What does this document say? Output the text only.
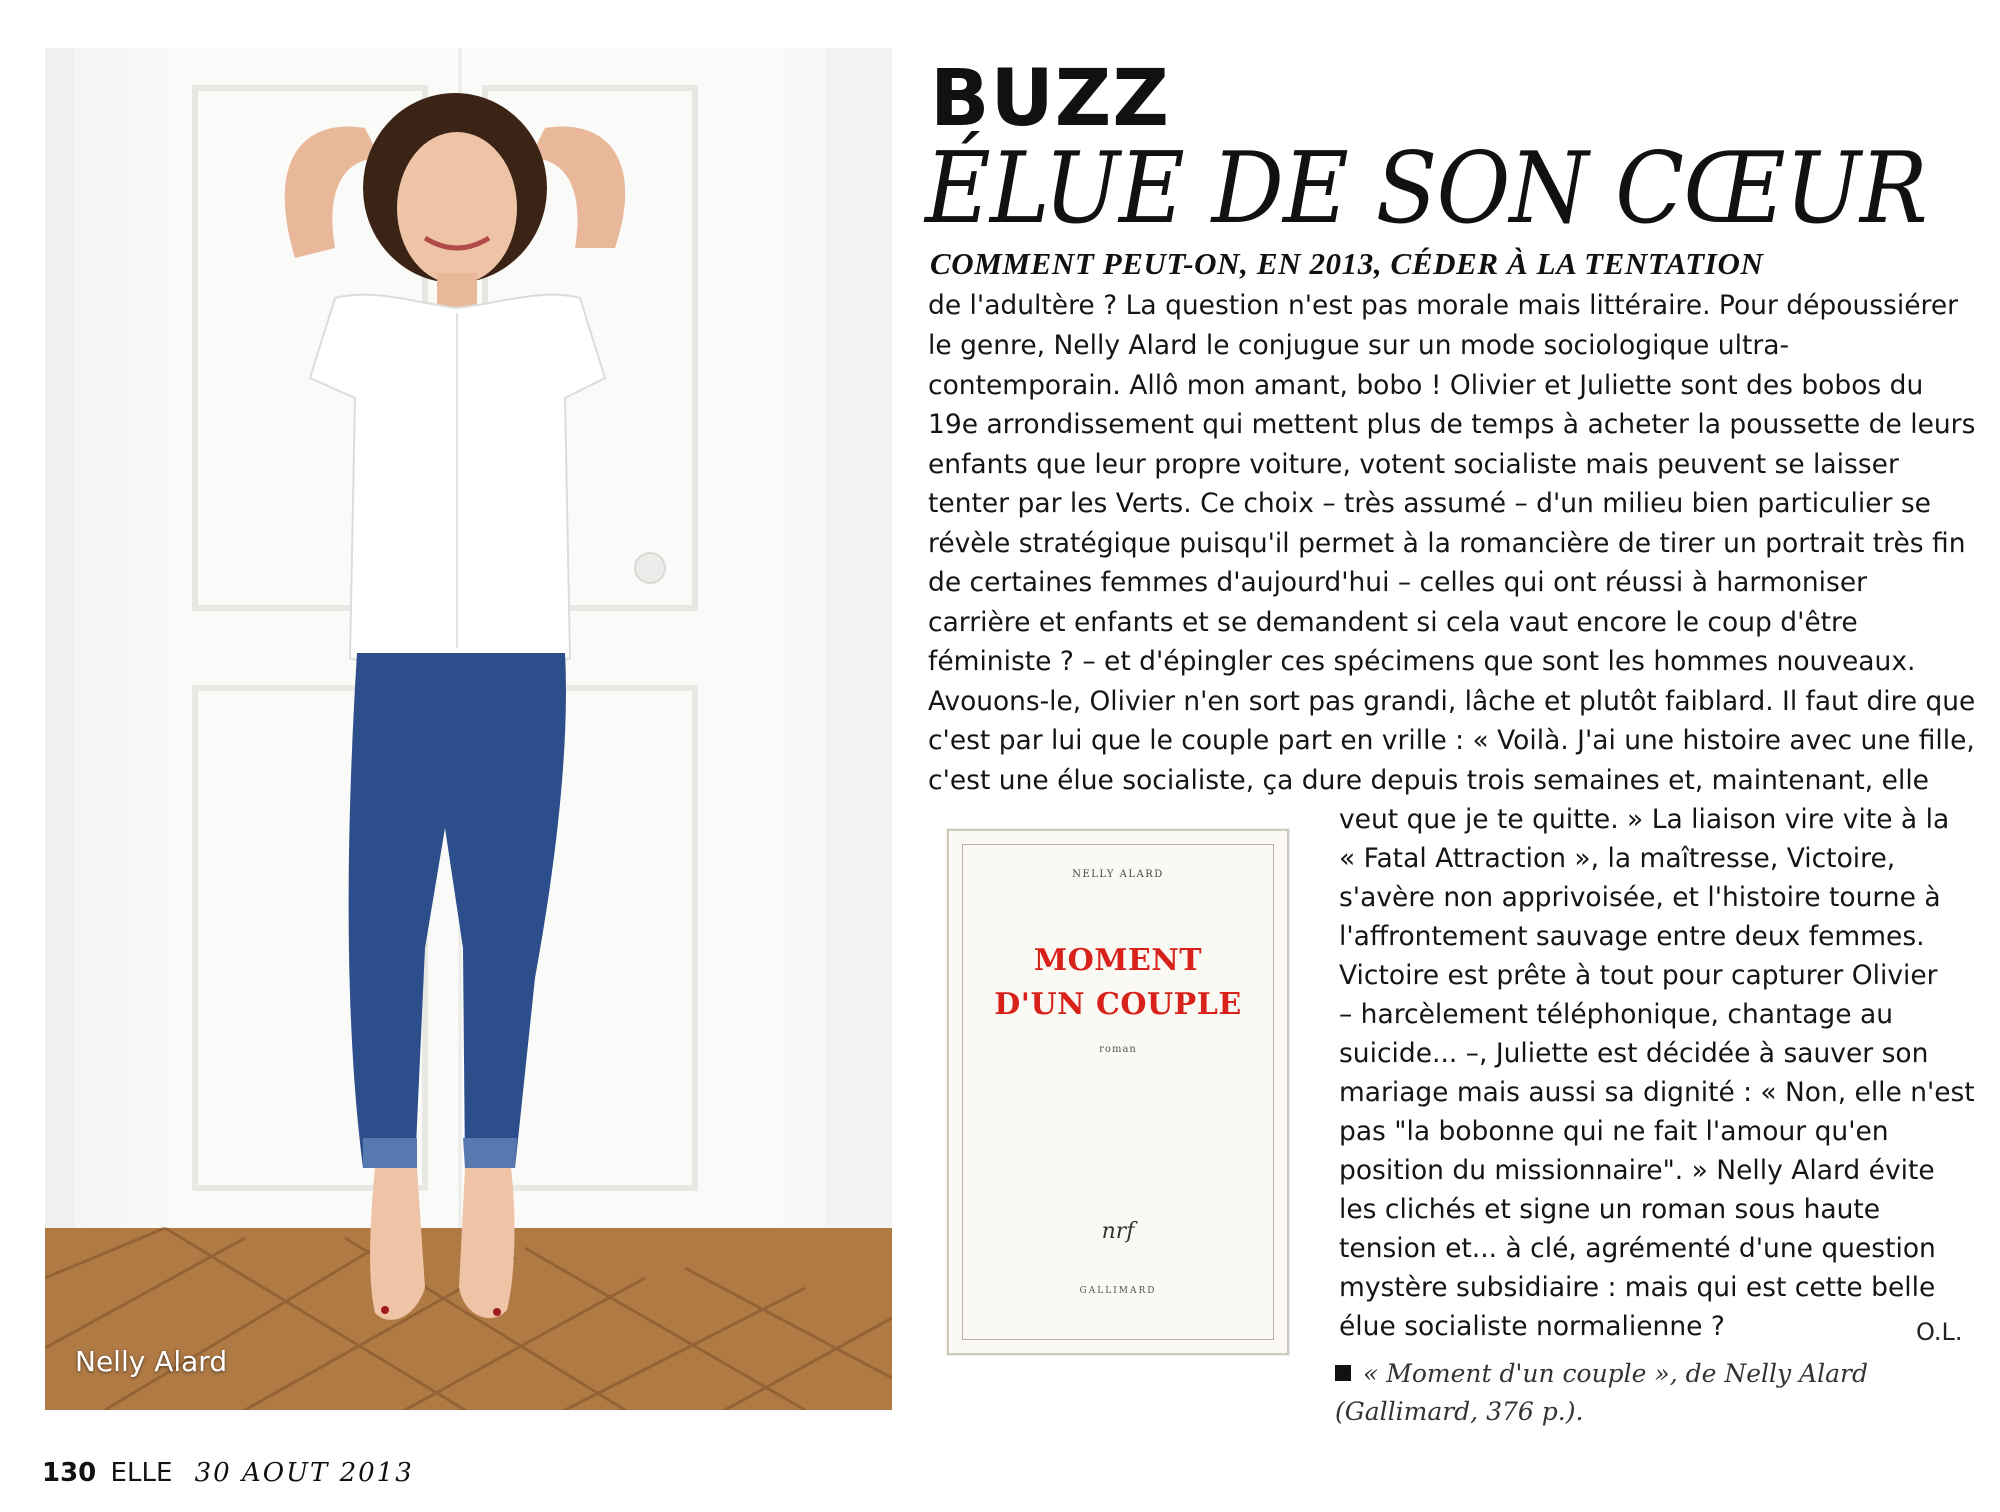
Nelly Alard
BUZZ
ÉLUE DE SON CŒUR
COMMENT PEUT-ON, EN 2013, CÉDER À LA TENTATION
de l'adultère ? La question n'est pas morale mais littéraire. Pour dépoussiérer
le genre, Nelly Alard le conjugue sur un mode sociologique ultra-
contemporain. Allô mon amant, bobo ! Olivier et Juliette sont des bobos du
19e arrondissement qui mettent plus de temps à acheter la poussette de leurs
enfants que leur propre voiture, votent socialiste mais peuvent se laisser
tenter par les Verts. Ce choix – très assumé – d'un milieu bien particulier se
révèle stratégique puisqu'il permet à la romancière de tirer un portrait très fin
de certaines femmes d'aujourd'hui – celles qui ont réussi à harmoniser
carrière et enfants et se demandent si cela vaut encore le coup d'être
féministe ? – et d'épingler ces spécimens que sont les hommes nouveaux.
Avouons-le, Olivier n'en sort pas grandi, lâche et plutôt faiblard. Il faut dire que
c'est par lui que le couple part en vrille : « Voilà. J'ai une histoire avec une fille,
c'est une élue socialiste, ça dure depuis trois semaines et, maintenant, elle
veut que je te quitte. » La liaison vire vite à la
« Fatal Attraction », la maîtresse, Victoire,
s'avère non apprivoisée, et l'histoire tourne à
l'affrontement sauvage entre deux femmes.
Victoire est prête à tout pour capturer Olivier
– harcèlement téléphonique, chantage au
suicide... –, Juliette est décidée à sauver son
mariage mais aussi sa dignité : « Non, elle n'est
pas "la bobonne qui ne fait l'amour qu'en
position du missionnaire". » Nelly Alard évite
les clichés et signe un roman sous haute
tension et... à clé, agrémenté d'une question
mystère subsidiaire : mais qui est cette belle
élue socialiste normalienne ?	O.L.
NELLY ALARD
MOMENT
D'UN COUPLE
roman
nrf
GALLIMARD
« Moment d'un couple », de Nelly Alard
(Gallimard, 376 p.).
130 ELLE 30 AOUT 2013
